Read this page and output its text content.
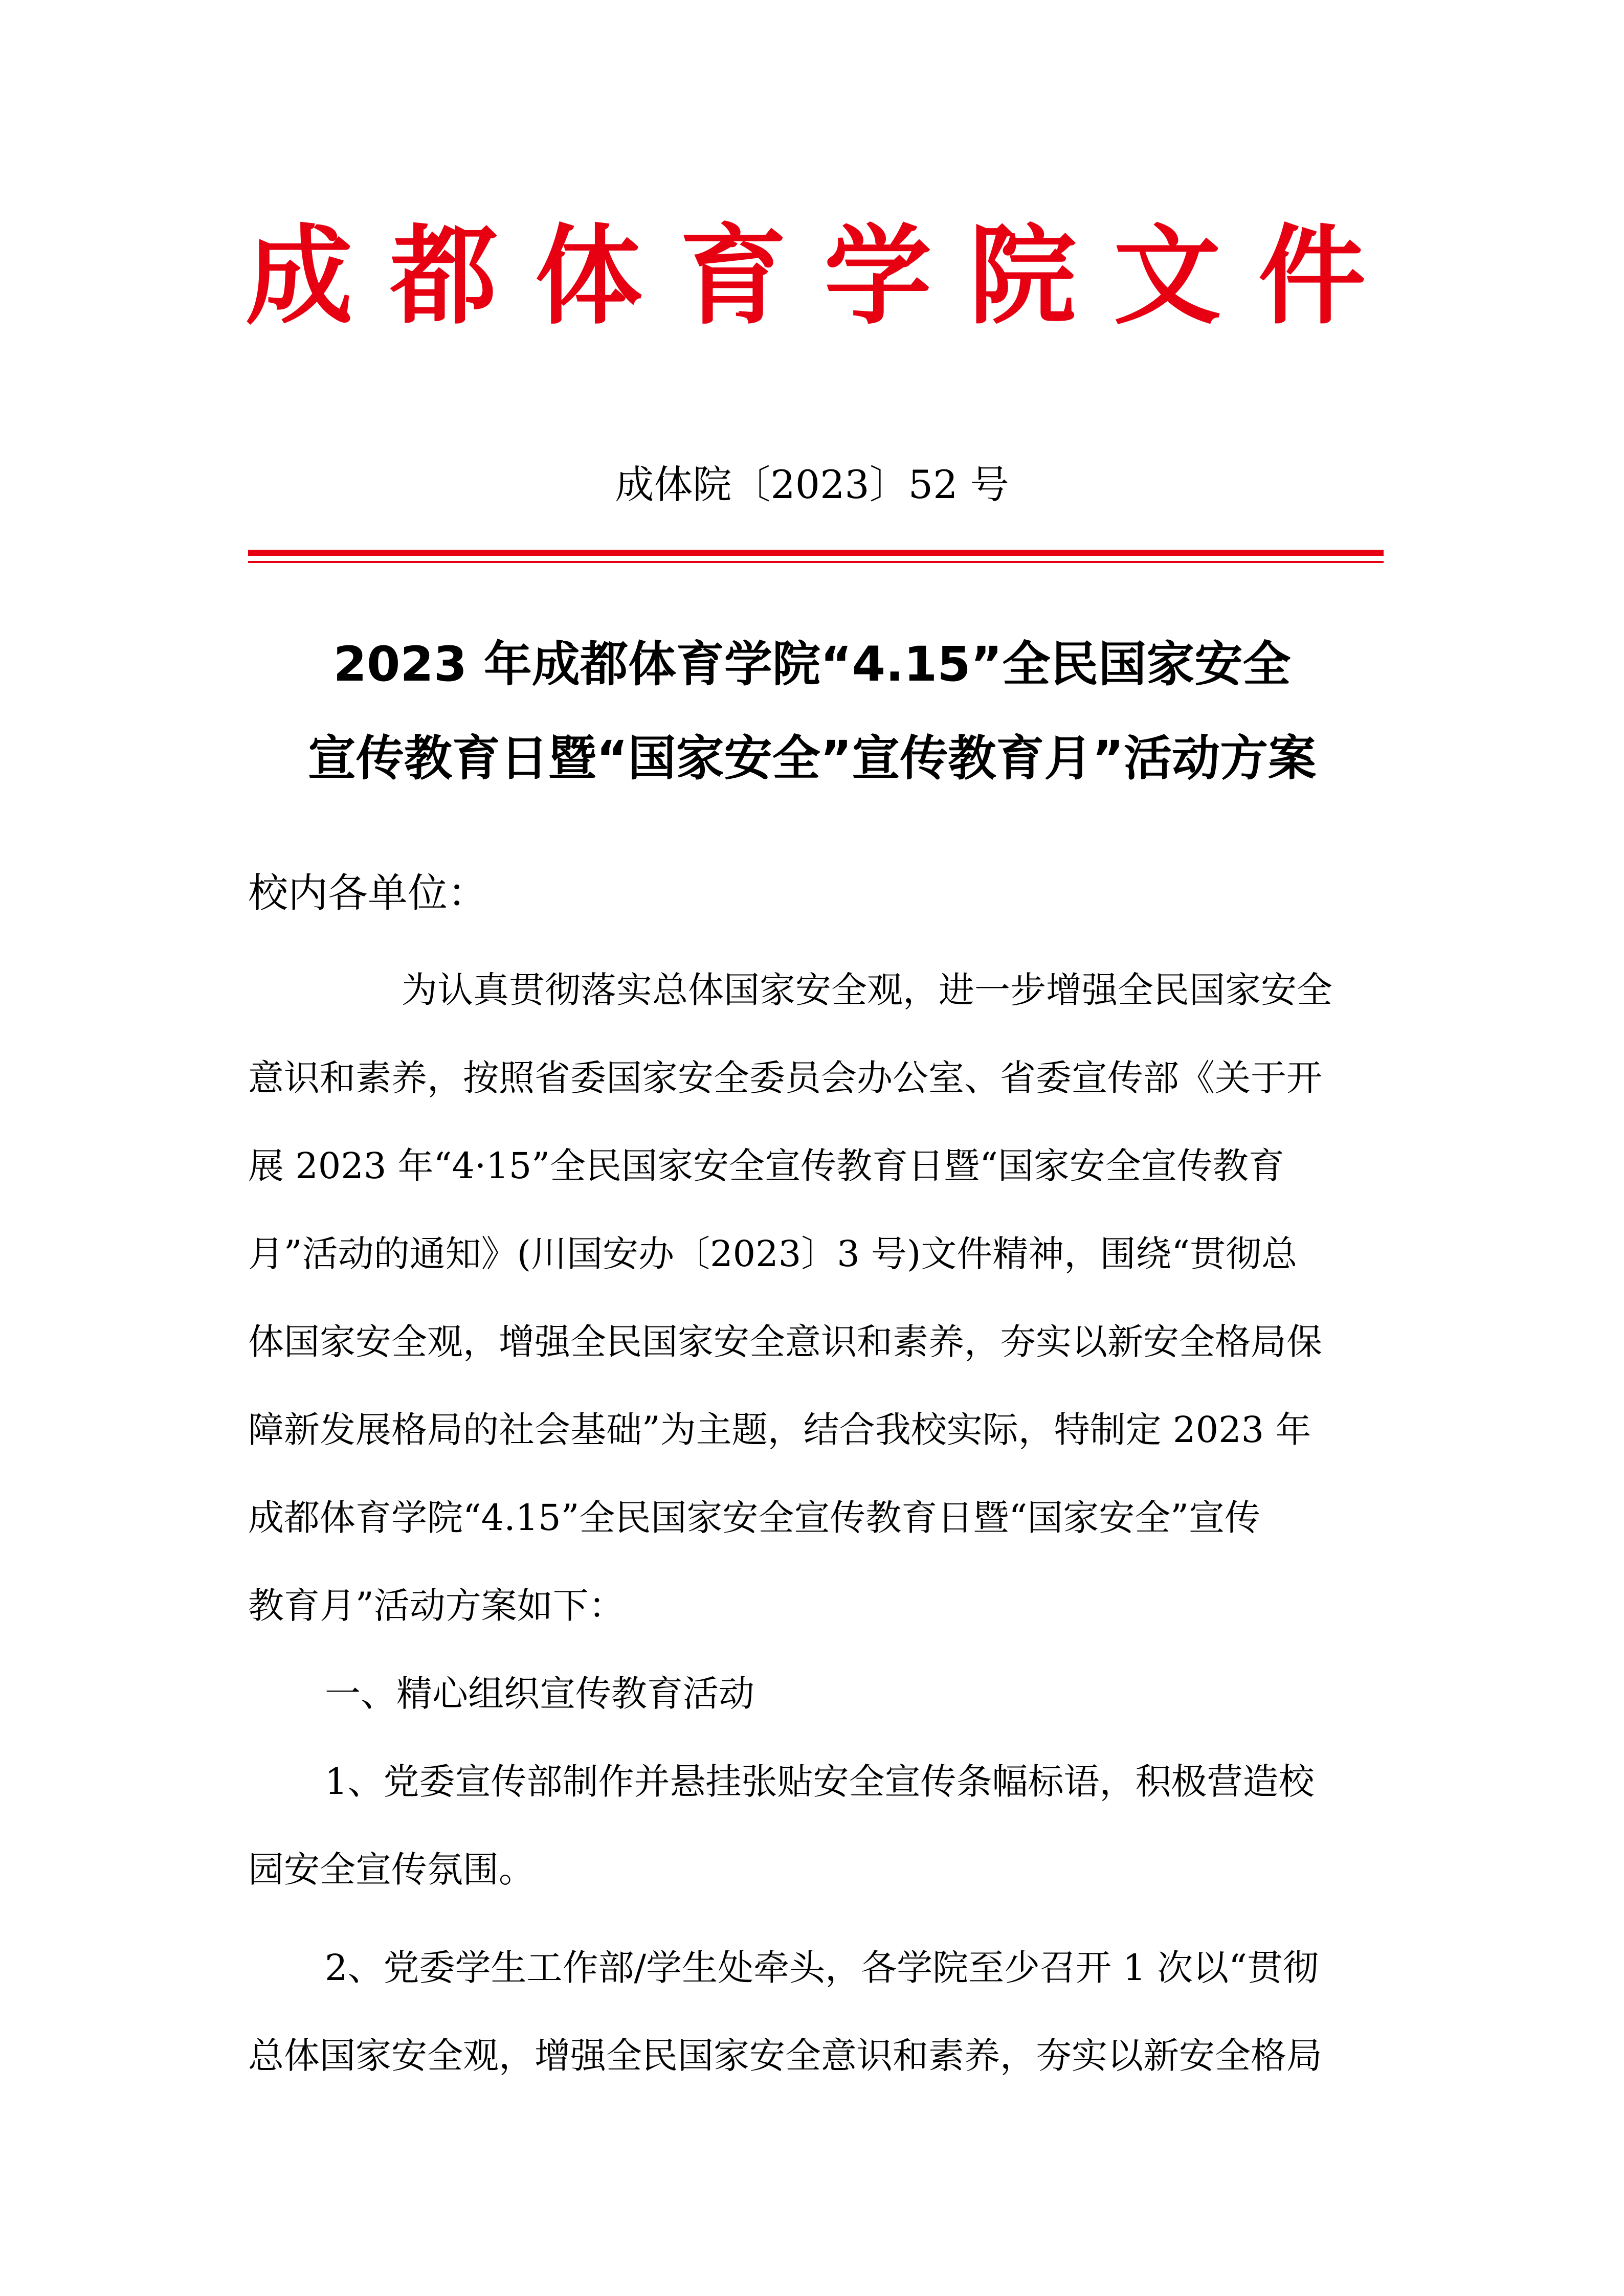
成 都 体 育 学 院 文 件
成体院〔2023〕52 号
2023 年成都体育学院“4.15”全民国家安全
宣传教育日暨“国家安全”宣传教育月”活动方案
校内各单位：
为认真贯彻落实总体国家安全观，进一步增强全民国家安全
意识和素养，按照省委国家安全委员会办公室、省委宣传部《关于开
展 2023 年“4·15”全民国家安全宣传教育日暨“国家安全宣传教育
月”活动的通知》(川国安办〔2023〕3 号)文件精神，围绕“贯彻总
体国家安全观，增强全民国家安全意识和素养，夯实以新安全格局保
障新发展格局的社会基础”为主题，结合我校实际，特制定 2023 年
成都体育学院“4.15”全民国家安全宣传教育日暨“国家安全”宣传
教育月”活动方案如下：
一、精心组织宣传教育活动
1、党委宣传部制作并悬挂张贴安全宣传条幅标语，积极营造校
园安全宣传氛围。
2、党委学生工作部/学生处牵头，各学院至少召开 1 次以“贯彻
总体国家安全观，增强全民国家安全意识和素养，夯实以新安全格局
